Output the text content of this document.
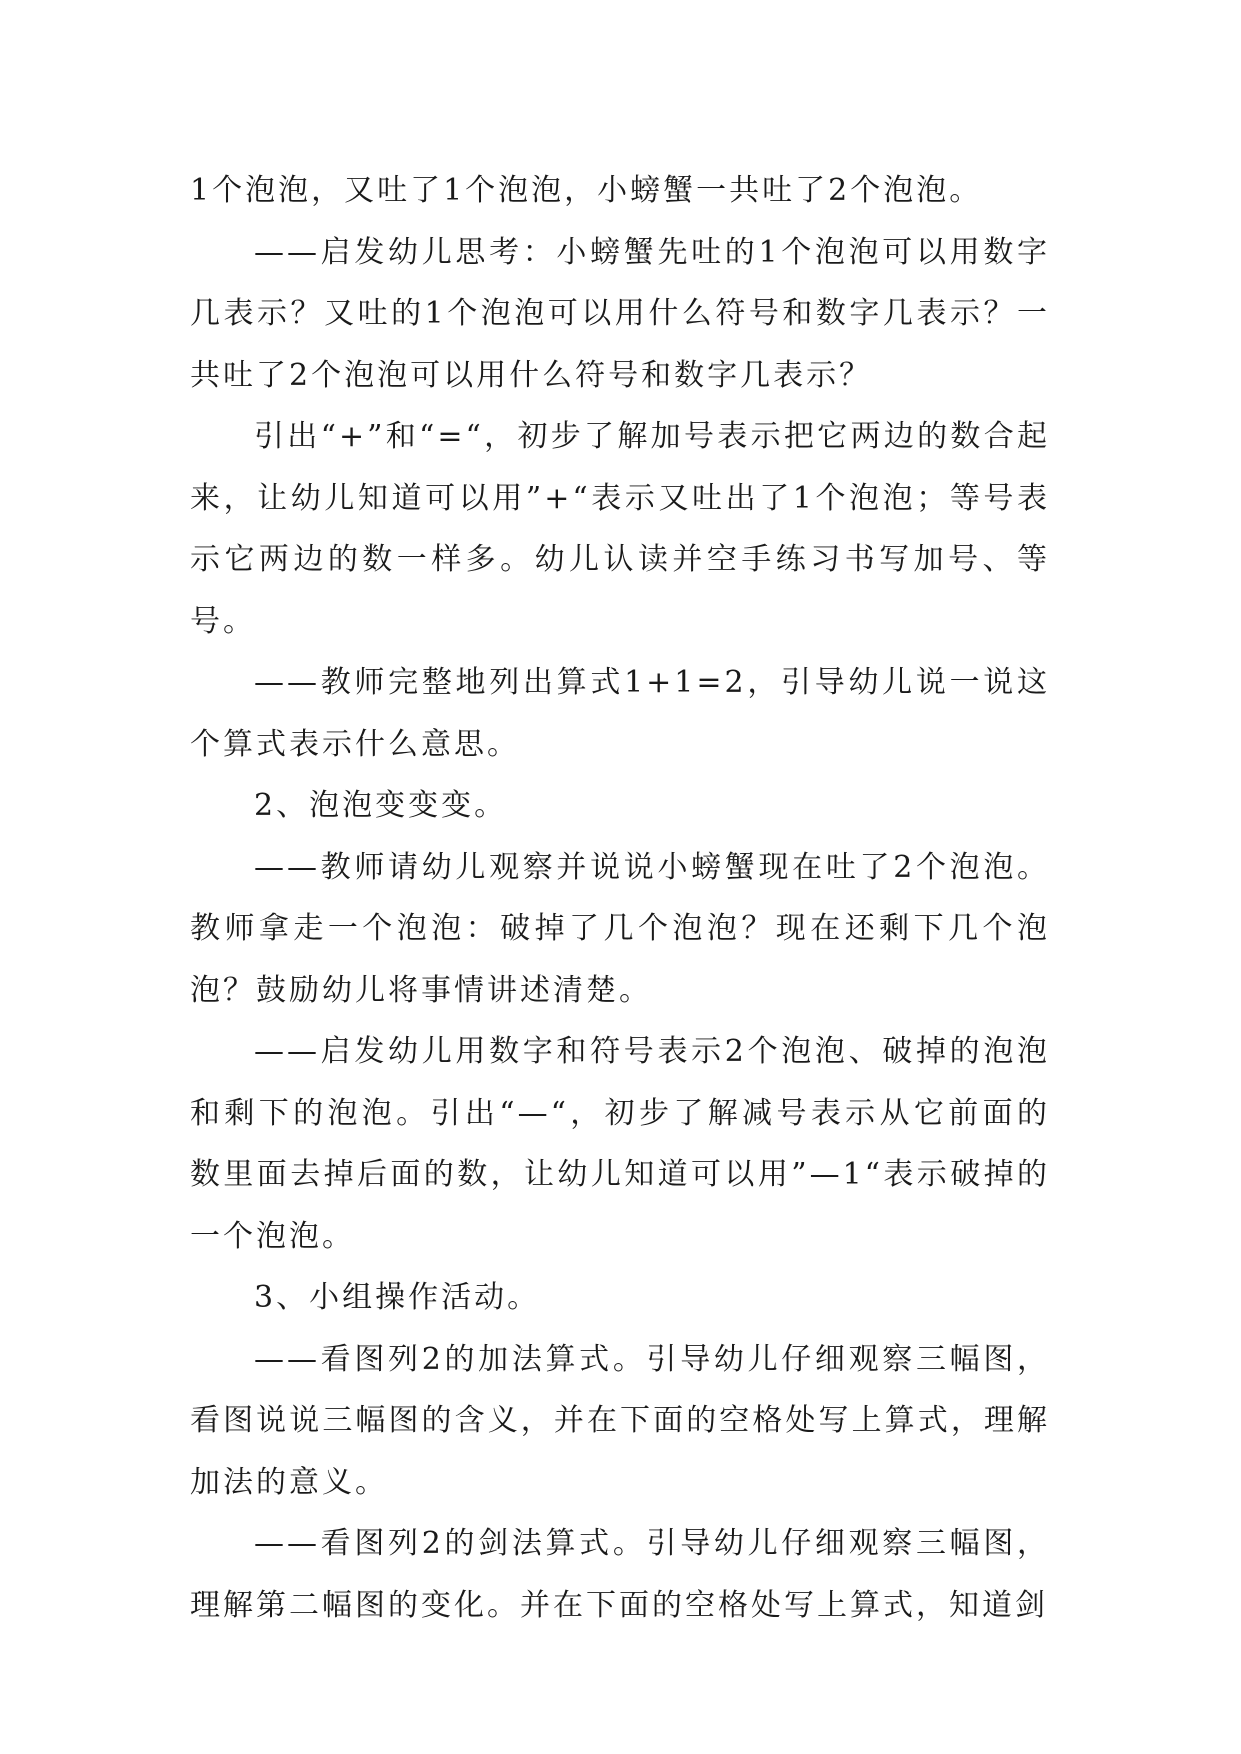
1个泡泡，又吐了1个泡泡，小螃蟹一共吐了2个泡泡。

——启发幼儿思考：小螃蟹先吐的1个泡泡可以用数字几表示？又吐的1个泡泡可以用什么符号和数字几表示？一共吐了2个泡泡可以用什么符号和数字几表示？

引出“+”和“=“，初步了解加号表示把它两边的数合起来，让幼儿知道可以用”+“表示又吐出了1个泡泡；等号表示它两边的数一样多。幼儿认读并空手练习书写加号、等号。

——教师完整地列出算式1+1=2，引导幼儿说一说这个算式表示什么意思。

2、泡泡变变变。

——教师请幼儿观察并说说小螃蟹现在吐了2个泡泡。教师拿走一个泡泡：破掉了几个泡泡？现在还剩下几个泡泡？鼓励幼儿将事情讲述清楚。

——启发幼儿用数字和符号表示2个泡泡、破掉的泡泡和剩下的泡泡。引出“—“，初步了解减号表示从它前面的数里面去掉后面的数，让幼儿知道可以用”—1“表示破掉的一个泡泡。

3、小组操作活动。

——看图列2的加法算式。引导幼儿仔细观察三幅图，看图说说三幅图的含义，并在下面的空格处写上算式，理解加法的意义。

——看图列2的剑法算式。引导幼儿仔细观察三幅图，理解第二幅图的变化。并在下面的空格处写上算式，知道剑
